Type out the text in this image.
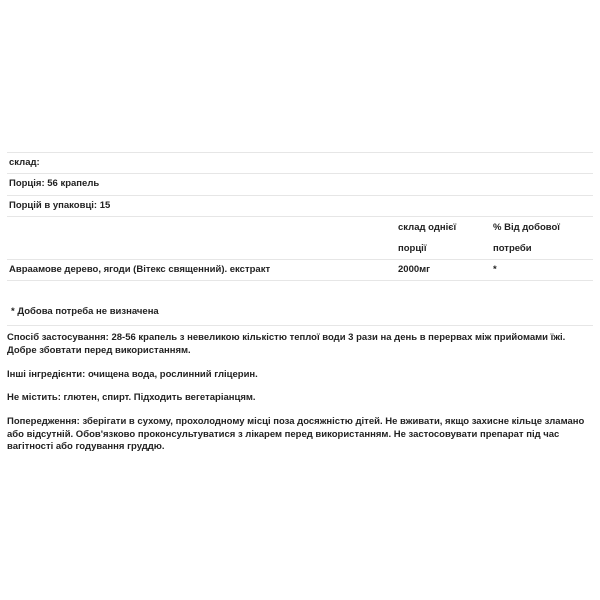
склад:
Порція: 56 крапель
Порцій в упаковці: 15
склад однієї
порції
% Від добової
потреби
Авраамове дерево, ягоди (Вітекс священний). екстракт	2000мг	*
* Добова потреба не визначена
Спосіб застосування: 28-56 крапель з невеликою кількістю теплої води 3 рази на день в перервах між прийомами їжі. Добре збовтати перед використанням.
Інші інгредієнти: очищена вода, рослинний гліцерин.
Не містить: глютен, спирт. Підходить вегетаріанцям.
Попередження: зберігати в сухому, прохолодному місці поза досяжністю дітей. Не вживати, якщо захисне кільце зламано або відсутній. Обов'язково проконсультуватися з лікарем перед використанням. Не застосовувати препарат під час вагітності або годування груддю.
